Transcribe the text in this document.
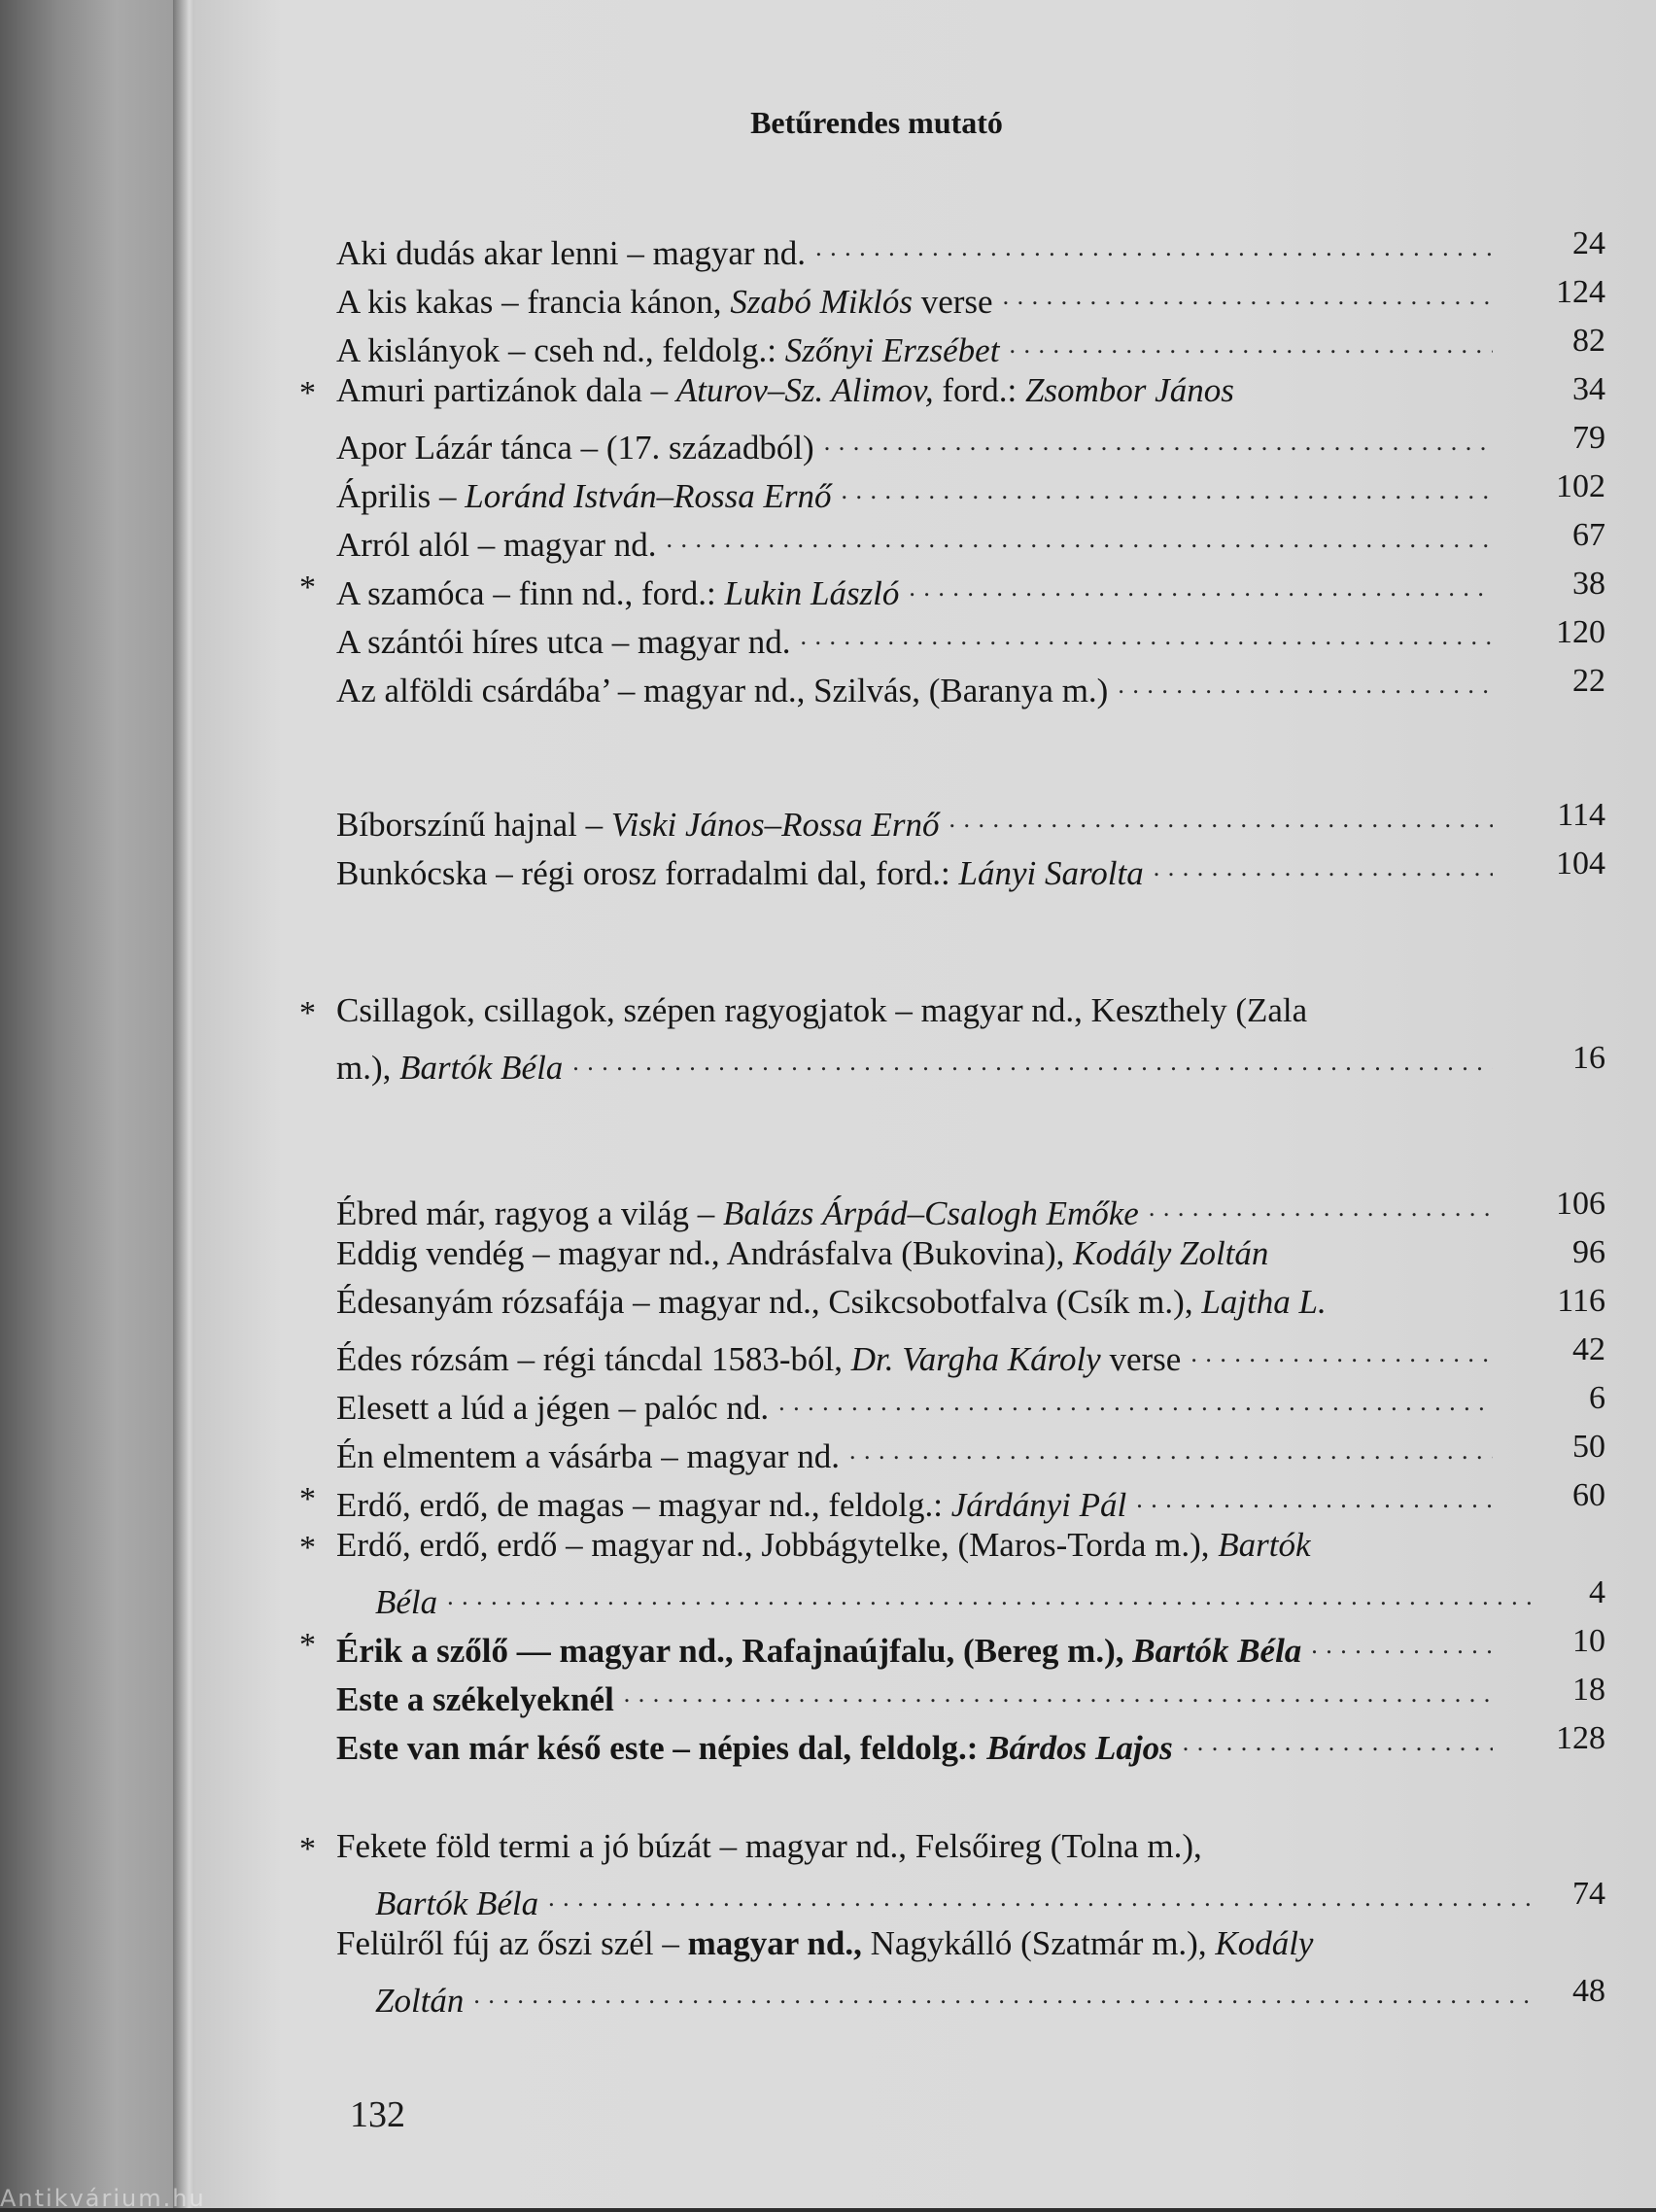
Betűrendes mutató
Aki dudás akar lenni – magyar nd. . . .	24
A kis kakas – francia kánon, Szabó Miklós verse . . .	124
A kislányok – cseh nd., feldolg.: Szőnyi Erzsébet . . .	82
* Amuri partizánok dala – Aturov–Sz. Alimov, ford.: Zsombor János	34
Apor Lázár tánca – (17. századból) . . .	79
Április – Loránd István–Rossa Ernő . . .	102
Arról alól – magyar nd. . . .	67
* A szamóca – finn nd., ford.: Lukin László . . .	38
A szántói híres utca – magyar nd. . . .	120
Az alföldi csárdába’ – magyar nd., Szilvás, (Baranya m.) . . .	22
Bíborszínű hajnal – Viski János–Rossa Ernő . . .	114
Bunkócska – régi orosz forradalmi dal, ford.: Lányi Sarolta . . .	104
* Csillagok, csillagok, szépen ragyogjatok – magyar nd., Keszthely (Zala
m.), Bartók Béla . . .	16
Ébred már, ragyog a világ – Balázs Árpád–Csalogh Emőke . . .	106
Eddig vendég – magyar nd., Andrásfalva (Bukovina), Kodály Zoltán	96
Édesanyám rózsafája – magyar nd., Csikcsobotfalva (Csík m.), Lajtha L.	116
Édes rózsám – régi táncdal 1583-ból, Dr. Vargha Károly verse . . .	42
Elesett a lúd a jégen – palóc nd. . . .	6
Én elmentem a vásárba – magyar nd. . . .	50
* Erdő, erdő, de magas – magyar nd., feldolg.: Járdányi Pál . . .	60
* Erdő, erdő, erdő – magyar nd., Jobbágytelke, (Maros-Torda m.), Bartók
Béla . . .	4
* Érik a szőlő — magyar nd., Rafajnaújfalu, (Bereg m.), Bartók Béla . . .	10
Este a székelyeknél . . .	18
Este van már késő este – népies dal, feldolg.: Bárdos Lajos . . .	128
* Fekete föld termi a jó búzát – magyar nd., Felsőireg (Tolna m.),
Bartók Béla . . .	74
Felülről fúj az őszi szél – magyar nd., Nagykálló (Szatmár m.), Kodály
Zoltán . . .	48
132
Antikvárium.hu
